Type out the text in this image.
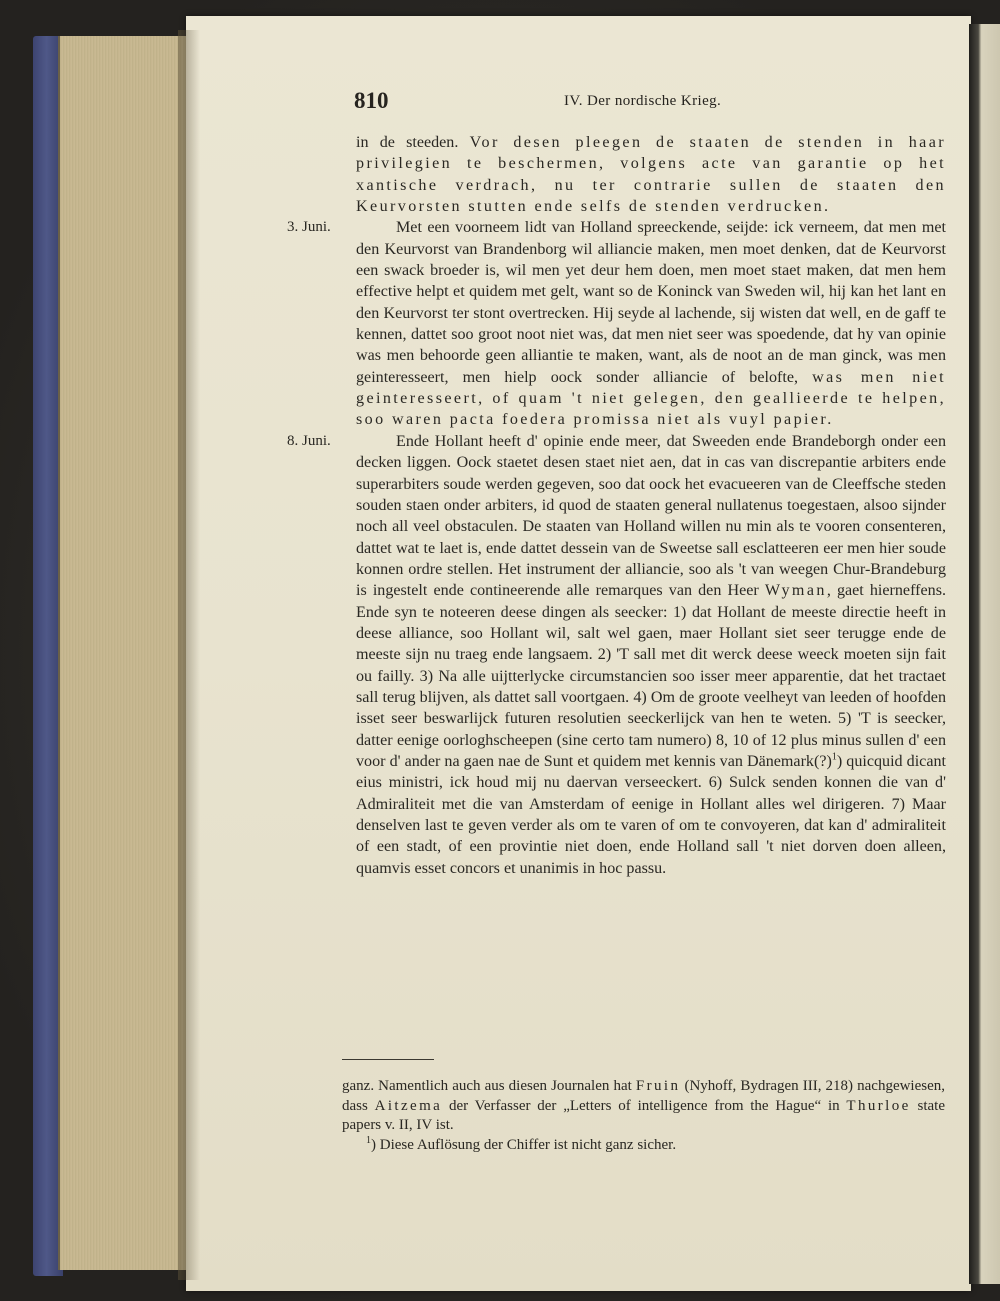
810	IV. Der nordische Krieg.

in de steeden. Vor desen pleegen de staaten de stenden in haar privilegien te beschermen, volgens acte van garantie op het xantische verdrach, nu ter contrarie sullen de staaten den Keurvorsten stutten ende selfs de stenden verdrucken.

3. Juni.	Met een voorneem lidt van Holland spreeckende, seijde: ick verneem, dat men met den Keurvorst van Brandenborg wil alliancie maken, men moet denken, dat de Keurvorst een swack broeder is, wil men yet deur hem doen, men moet staet maken, dat men hem effective helpt et quidem met gelt, want so de Koninck van Sweden wil, hij kan het lant en den Keurvorst ter stont overtrecken. Hij seyde al lachende, sij wisten dat well, en de gaff te kennen, dattet soo groot noot niet was, dat men niet seer was spoedende, dat hy van opinie was men behoorde geen alliantie te maken, want, als de noot an de man ginck, was men geinteresseert, men hielp oock sonder alliancie of belofte, was men niet geinteresseert, of quam 't niet gelegen, den geallieerde te helpen, soo waren pacta foedera promissa niet als vuyl papier.

8. Juni.	Ende Hollant heeft d' opinie ende meer, dat Sweeden ende Brandeborgh onder een decken liggen. Oock staetet desen staet niet aen, dat in cas van discrepantie arbiters ende superarbiters soude werden gegeven, soo dat oock het evacueeren van de Cleeffsche steden souden staen onder arbiters, id quod de staaten general nullatenus toegestaen, alsoo sijnder noch all veel obstaculen. De staaten van Holland willen nu min als te vooren consenteren, dattet wat te laet is, ende dattet dessein van de Sweetse sall esclatteeren eer men hier soude konnen ordre stellen. Het instrument der alliancie, soo als 't van weegen Chur-Brandeburg is ingestelt ende contineerende alle remarques van den Heer Wyman, gaet hierneffens. Ende syn te noteeren deese dingen als seecker: 1) dat Hollant de meeste directie heeft in deese alliance, soo Hollant wil, salt wel gaen, maer Hollant siet seer terugge ende de meeste sijn nu traeg ende langsaem. 2) 'T sall met dit werck deese weeck moeten sijn fait ou failly. 3) Na alle uijtterlycke circumstancien soo isser meer apparentie, dat het tractaet sall terug blijven, als dattet sall voortgaen. 4) Om de groote veelheyt van leeden of hoofden isset seer beswarlijck futuren resolutien seeckerlijck van hen te weten. 5) 'T is seecker, datter eenige oorloghscheepen (sine certo tam numero) 8, 10 of 12 plus minus sullen d' een voor d' ander na gaen nae de Sunt et quidem met kennis van Dänemark(?)$^1$) quicquid dicant eius ministri, ick houd mij nu daervan verseeckert. 6) Sulck senden konnen die van d' Admiraliteit met die van Amsterdam of eenige in Hollant alles wel dirigeren. 7) Maar denselven last te geven verder als om te varen of om te convoyeren, dat kan d' admiraliteit of een stadt, of een provintie niet doen, ende Holland sall 't niet dorven doen alleen, quamvis esset concors et unanimis in hoc passu.

ganz. Namentlich auch aus diesen Journalen hat Fruin (Nyhoff, Bydragen III, 218) nachgewiesen, dass Aitzema der Verfasser der „Letters of intelligence from the Hague“ in Thurloe state papers v. II, IV ist.

$^1$) Diese Auflösung der Chiffer ist nicht ganz sicher.
